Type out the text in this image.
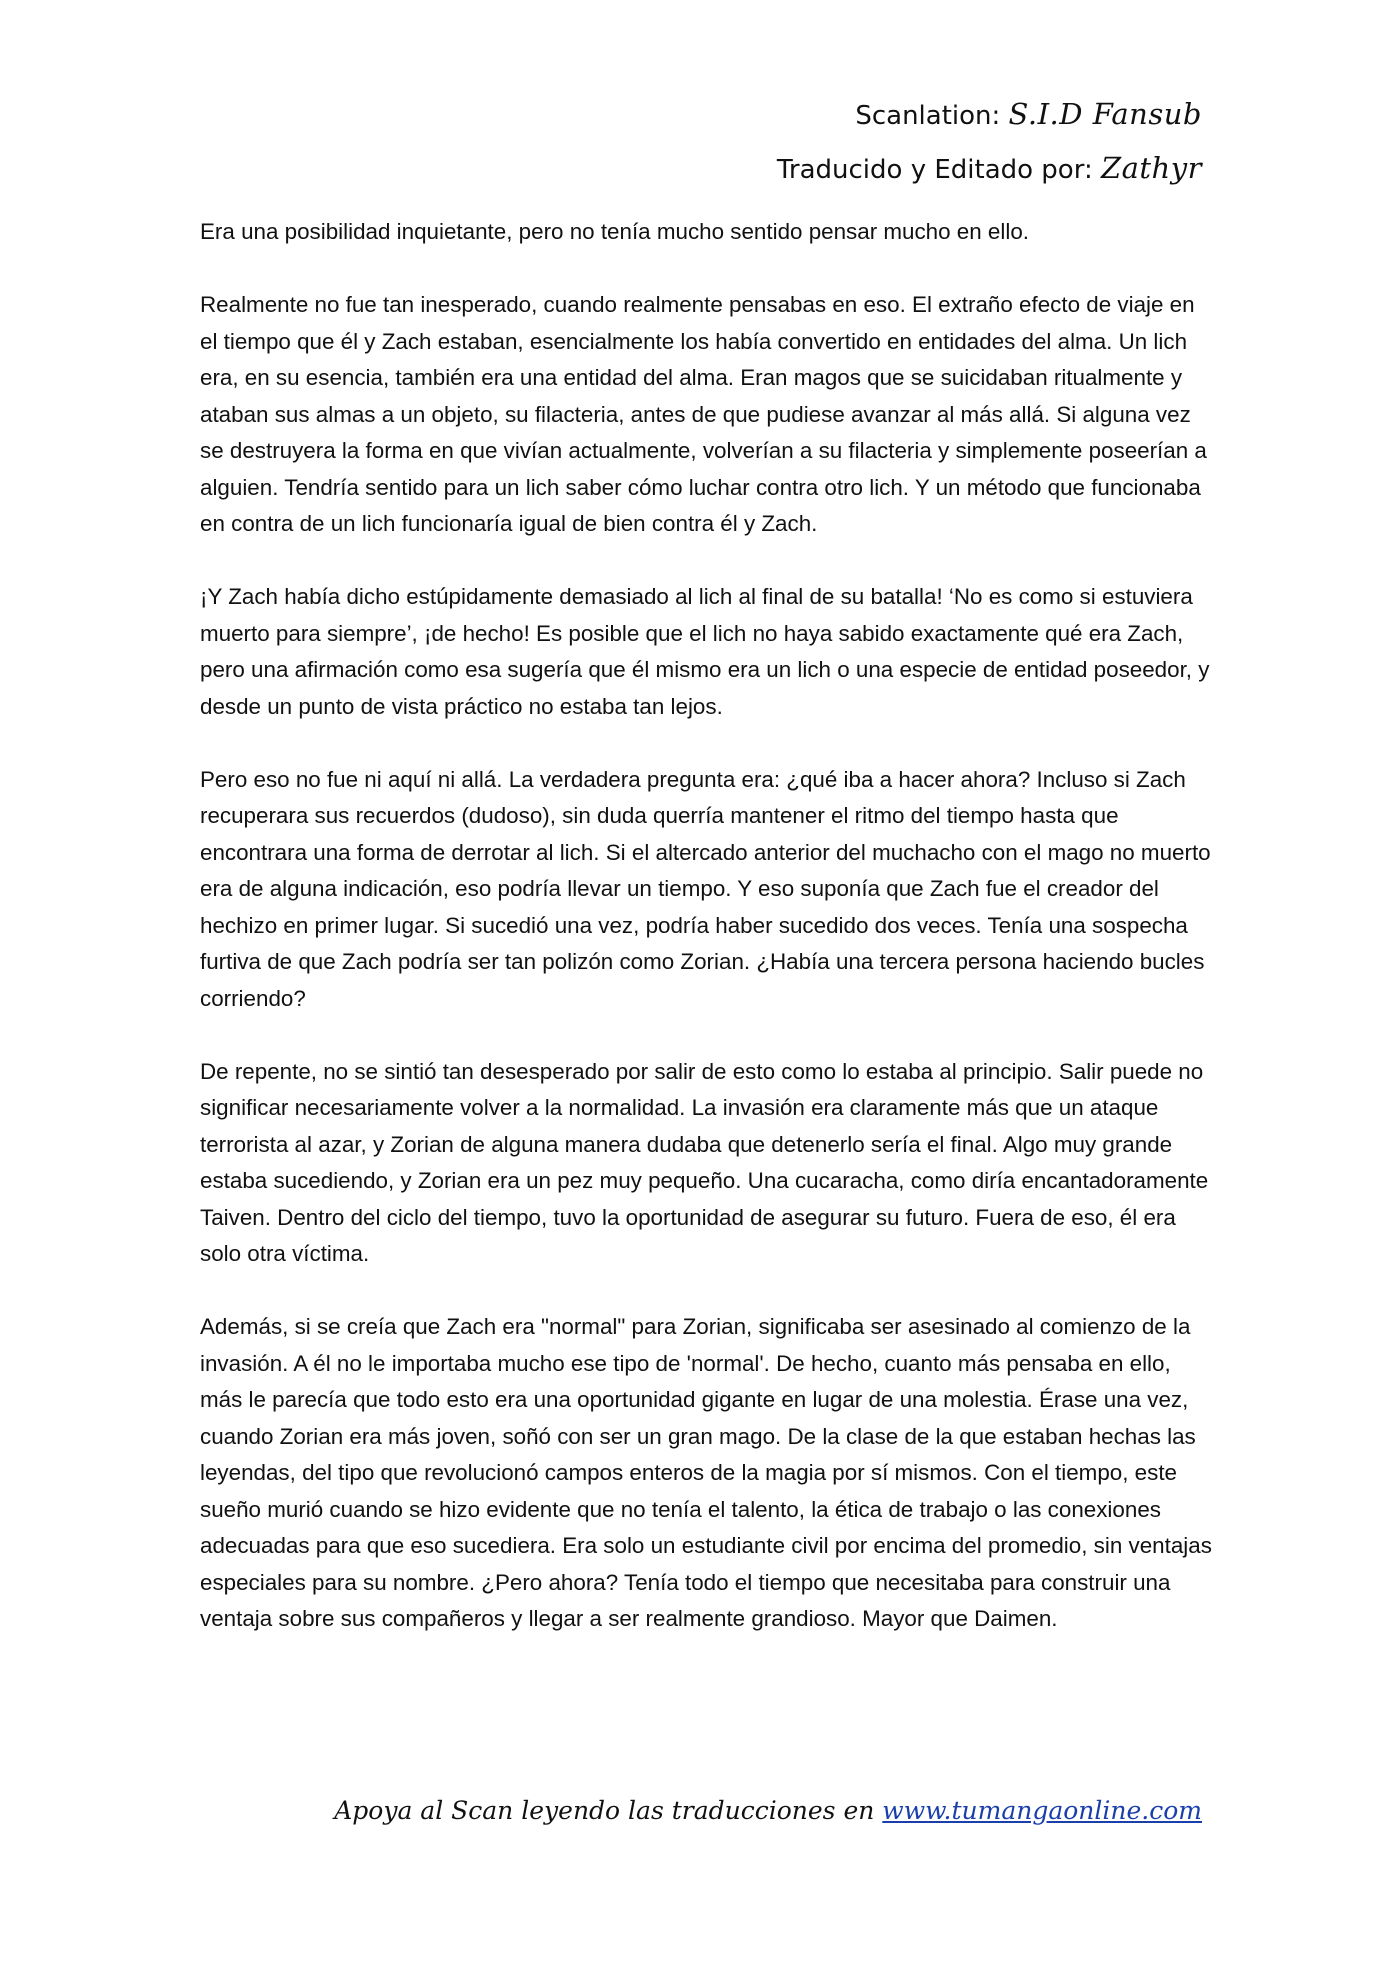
Scanlation: S.I.D Fansub
Traducido y Editado por: Zathyr

Era una posibilidad inquietante, pero no tenía mucho sentido pensar mucho en ello.

Realmente no fue tan inesperado, cuando realmente pensabas en eso. El extraño efecto de viaje en el tiempo que él y Zach estaban, esencialmente los había convertido en entidades del alma. Un lich era, en su esencia, también era una entidad del alma. Eran magos que se suicidaban ritualmente y ataban sus almas a un objeto, su filacteria, antes de que pudiese avanzar al más allá. Si alguna vez se destruyera la forma en que vivían actualmente, volverían a su filacteria y simplemente poseerían a alguien. Tendría sentido para un lich saber cómo luchar contra otro lich. Y un método que funcionaba en contra de un lich funcionaría igual de bien contra él y Zach.

¡Y Zach había dicho estúpidamente demasiado al lich al final de su batalla! ‘No es como si estuviera muerto para siempre’, ¡de hecho! Es posible que el lich no haya sabido exactamente qué era Zach, pero una afirmación como esa sugería que él mismo era un lich o una especie de entidad poseedor, y desde un punto de vista práctico no estaba tan lejos.

Pero eso no fue ni aquí ni allá. La verdadera pregunta era: ¿qué iba a hacer ahora? Incluso si Zach recuperara sus recuerdos (dudoso), sin duda querría mantener el ritmo del tiempo hasta que encontrara una forma de derrotar al lich. Si el altercado anterior del muchacho con el mago no muerto era de alguna indicación, eso podría llevar un tiempo. Y eso suponía que Zach fue el creador del hechizo en primer lugar. Si sucedió una vez, podría haber sucedido dos veces. Tenía una sospecha furtiva de que Zach podría ser tan polizón como Zorian. ¿Había una tercera persona haciendo bucles corriendo?

De repente, no se sintió tan desesperado por salir de esto como lo estaba al principio. Salir puede no significar necesariamente volver a la normalidad. La invasión era claramente más que un ataque terrorista al azar, y Zorian de alguna manera dudaba que detenerlo sería el final. Algo muy grande estaba sucediendo, y Zorian era un pez muy pequeño. Una cucaracha, como diría encantadoramente Taiven. Dentro del ciclo del tiempo, tuvo la oportunidad de asegurar su futuro. Fuera de eso, él era solo otra víctima.

Además, si se creía que Zach era "normal" para Zorian, significaba ser asesinado al comienzo de la invasión. A él no le importaba mucho ese tipo de 'normal'. De hecho, cuanto más pensaba en ello, más le parecía que todo esto era una oportunidad gigante en lugar de una molestia. Érase una vez, cuando Zorian era más joven, soñó con ser un gran mago. De la clase de la que estaban hechas las leyendas, del tipo que revolucionó campos enteros de la magia por sí mismos. Con el tiempo, este sueño murió cuando se hizo evidente que no tenía el talento, la ética de trabajo o las conexiones adecuadas para que eso sucediera. Era solo un estudiante civil por encima del promedio, sin ventajas especiales para su nombre. ¿Pero ahora? Tenía todo el tiempo que necesitaba para construir una ventaja sobre sus compañeros y llegar a ser realmente grandioso. Mayor que Daimen.

Apoya al Scan leyendo las traducciones en www.tumangaonline.com
